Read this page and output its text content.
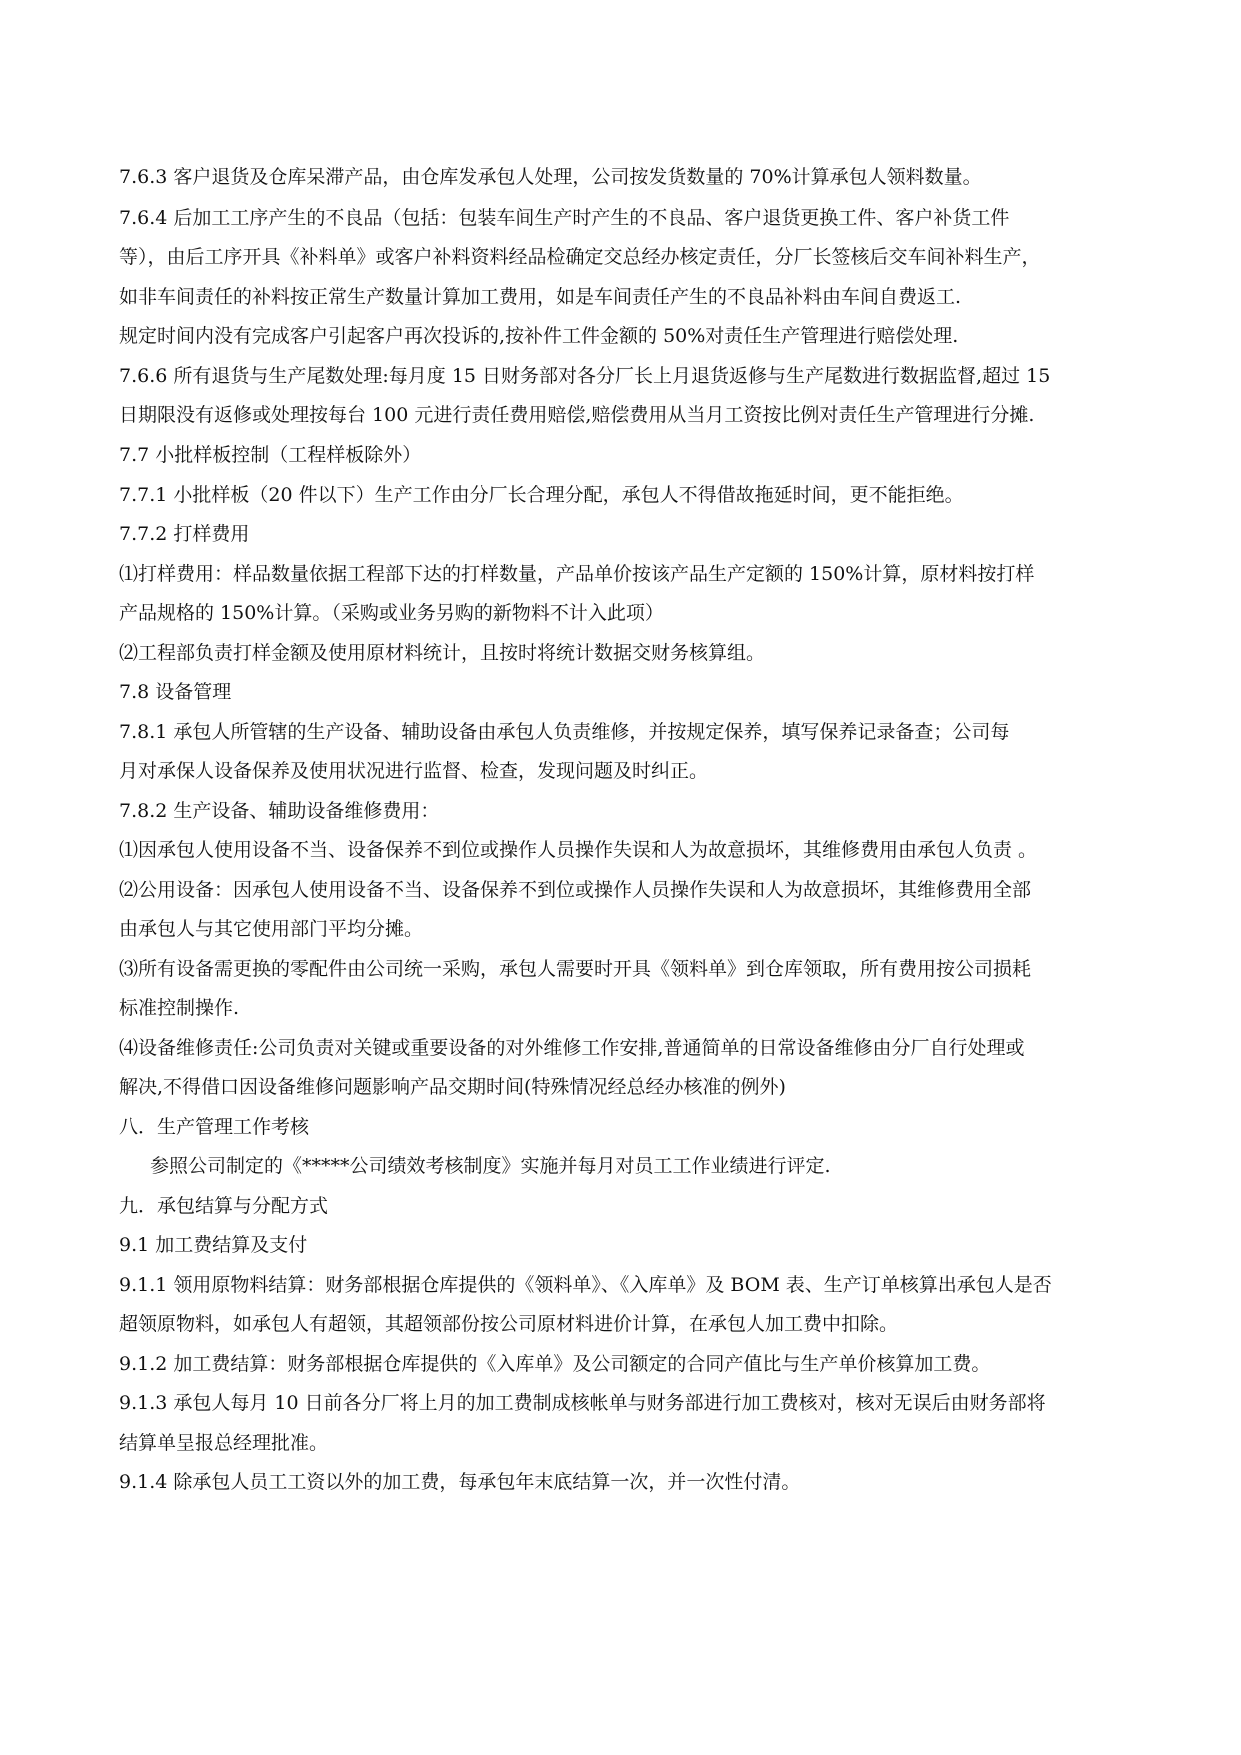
7.6.3 客户退货及仓库呆滞产品，由仓库发承包人处理，公司按发货数量的 70%计算承包人领料数量。
7.6.4 后加工工序产生的不良品（包括：包装车间生产时产生的不良品、客户退货更换工件、客户补货工件
等），由后工序开具《补料单》或客户补料资料经品检确定交总经办核定责任，分厂长签核后交车间补料生产，
如非车间责任的补料按正常生产数量计算加工费用，如是车间责任产生的不良品补料由车间自费返工.
规定时间内没有完成客户引起客户再次投诉的,按补件工件金额的 50%对责任生产管理进行赔偿处理.
7.6.6 所有退货与生产尾数处理:每月度 15 日财务部对各分厂长上月退货返修与生产尾数进行数据监督,超过 15
日期限没有返修或处理按每台 100 元进行责任费用赔偿,赔偿费用从当月工资按比例对责任生产管理进行分摊.
7.7 小批样板控制（工程样板除外）
7.7.1 小批样板（20 件以下）生产工作由分厂长合理分配，承包人不得借故拖延时间，更不能拒绝。
7.7.2 打样费用
⑴打样费用：样品数量依据工程部下达的打样数量，产品单价按该产品生产定额的 150%计算，原材料按打样
产品规格的 150%计算。（采购或业务另购的新物料不计入此项）
⑵工程部负责打样金额及使用原材料统计，且按时将统计数据交财务核算组。
7.8 设备管理
7.8.1 承包人所管辖的生产设备、辅助设备由承包人负责维修，并按规定保养，填写保养记录备查；公司每
月对承保人设备保养及使用状况进行监督、检查，发现问题及时纠正。
7.8.2 生产设备、辅助设备维修费用：
⑴因承包人使用设备不当、设备保养不到位或操作人员操作失误和人为故意损坏，其维修费用由承包人负责 。
⑵公用设备：因承包人使用设备不当、设备保养不到位或操作人员操作失误和人为故意损坏，其维修费用全部
由承包人与其它使用部门平均分摊。
⑶所有设备需更换的零配件由公司统一采购，承包人需要时开具《领料单》到仓库领取，所有费用按公司损耗
标准控制操作.
⑷设备维修责任:公司负责对关键或重要设备的对外维修工作安排,普通简单的日常设备维修由分厂自行处理或
解决,不得借口因设备维修问题影响产品交期时间(特殊情况经总经办核准的例外)
八．生产管理工作考核
参照公司制定的《*****公司绩效考核制度》实施并每月对员工工作业绩进行评定.
九．承包结算与分配方式
9.1 加工费结算及支付
9.1.1 领用原物料结算：财务部根据仓库提供的《领料单》、《入库单》及 BOM 表、生产订单核算出承包人是否
超领原物料，如承包人有超领，其超领部份按公司原材料进价计算，在承包人加工费中扣除。
9.1.2 加工费结算：财务部根据仓库提供的《入库单》及公司额定的合同产值比与生产单价核算加工费。
9.1.3 承包人每月 10 日前各分厂将上月的加工费制成核帐单与财务部进行加工费核对，核对无误后由财务部将
结算单呈报总经理批准。
9.1.4 除承包人员工工资以外的加工费，每承包年末底结算一次，并一次性付清。
